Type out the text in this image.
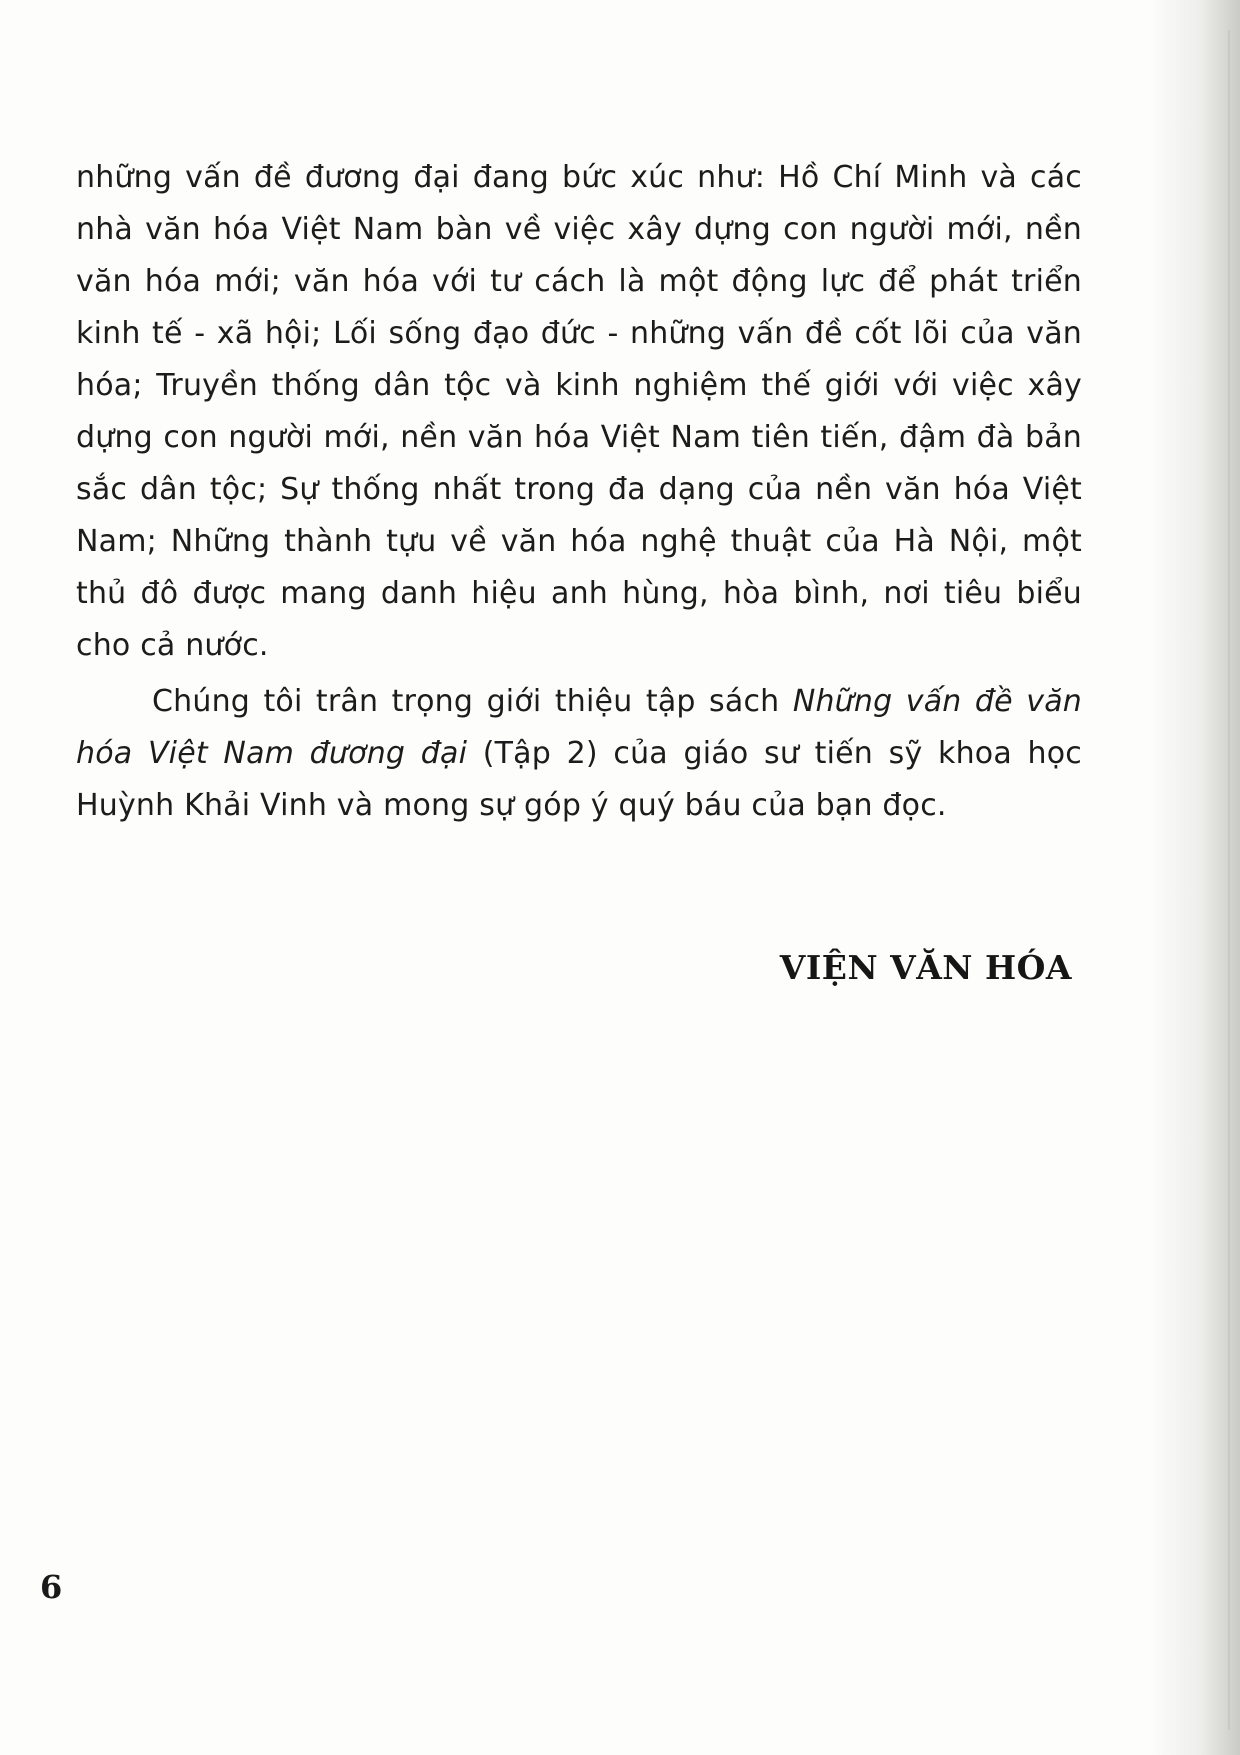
những vấn đề đương đại đang bức xúc như: Hồ Chí Minh và các nhà văn hóa Việt Nam bàn về việc xây dựng con người mới, nền văn hóa mới; văn hóa với tư cách là một động lực để phát triển kinh tế - xã hội; Lối sống đạo đức - những vấn đề cốt lõi của văn hóa; Truyền thống dân tộc và kinh nghiệm thế giới với việc xây dựng con người mới, nền văn hóa Việt Nam tiên tiến, đậm đà bản sắc dân tộc; Sự thống nhất trong đa dạng của nền văn hóa Việt Nam; Những thành tựu về văn hóa nghệ thuật của Hà Nội, một thủ đô được mang danh hiệu anh hùng, hòa bình, nơi tiêu biểu cho cả nước.

Chúng tôi trân trọng giới thiệu tập sách Những vấn đề văn hóa Việt Nam đương đại (Tập 2) của giáo sư tiến sỹ khoa học Huỳnh Khải Vinh và mong sự góp ý quý báu của bạn đọc.

VIỆN VĂN HÓA
6
